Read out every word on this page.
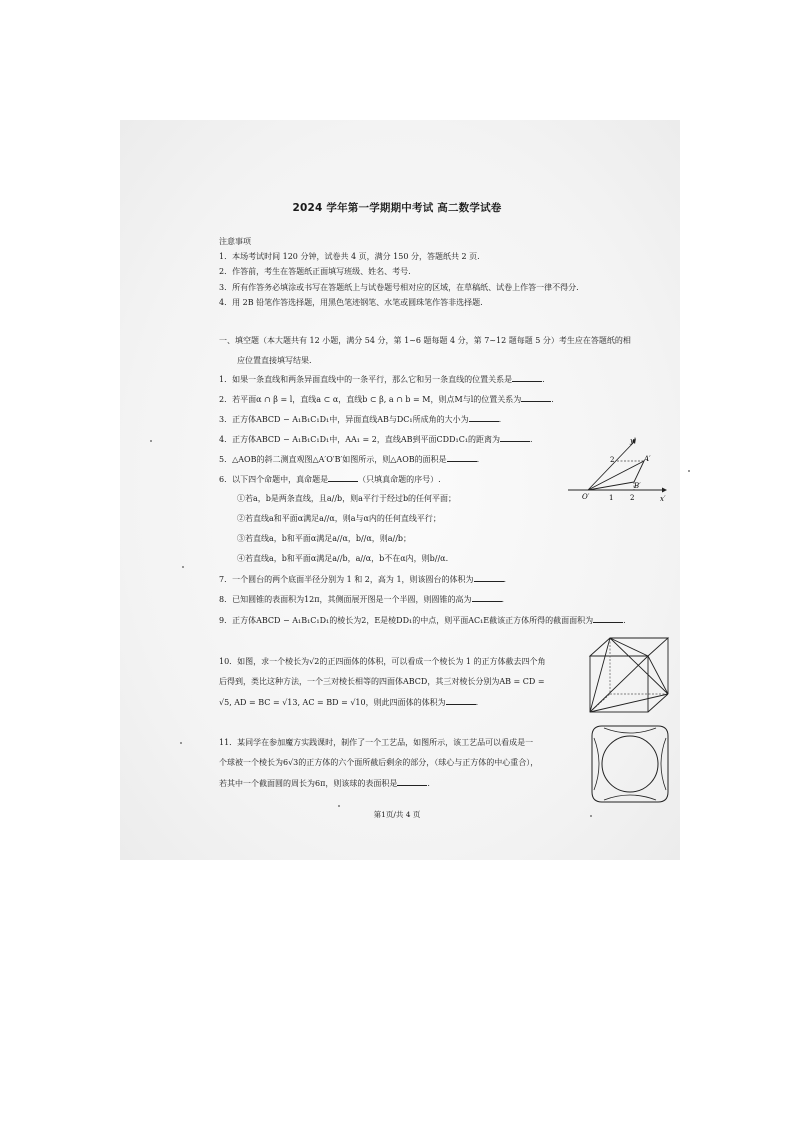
2024 学年第一学期期中考试 高二数学试卷
注意事项
1．本场考试时间 120 分钟，试卷共 4 页，满分 150 分，答题纸共 2 页.
2．作答前，考生在答题纸正面填写班级、姓名、考号.
3．所有作答务必填涂或书写在答题纸上与试卷题号相对应的区域，在草稿纸、试卷上作答一律不得分.
4．用 2B 铅笔作答选择题，用黑色笔迹钢笔、水笔或圆珠笔作答非选择题.
一、填空题（本大题共有 12 小题，满分 54 分，第 1~6 题每题 4 分，第 7~12 题每题 5 分）考生应在答题纸的相
应位置直接填写结果.
1．如果一条直线和两条异面直线中的一条平行，那么它和另一条直线的位置关系是	.
2．若平面α ∩ β = l，直线a ⊂ α，直线b ⊂ β, a ∩ b = M，则点M与l的位置关系为	.
3．正方体ABCD − A₁B₁C₁D₁中，异面直线AB与DC₁所成角的大小为	.
4．正方体ABCD − A₁B₁C₁D₁中，AA₁ = 2，直线AB到平面CDD₁C₁的距离为	.
5．△AOB的斜二测直观图△A′O′B′如图所示，则△AOB的面积是	.
6．以下四个命题中，真命题是	（只填真命题的序号）.
①若a，b是两条直线，且a//b，则a平行于经过b的任何平面；
②若直线a和平面α满足a//α，则a与α内的任何直线平行；
③若直线a，b和平面α满足a//α，b//α，则a//b；
④若直线a，b和平面α满足a//b，a//α，b不在α内，则b//α.
y′
x′
O′
A′
B′
2
1 2
7．一个圆台的两个底面半径分别为 1 和 2，高为 1，则该圆台的体积为	.
8．已知圆锥的表面积为12π，其侧面展开图是一个半圆，则圆锥的高为	.
9．正方体ABCD − A₁B₁C₁D₁的棱长为2，E是棱DD₁的中点，则平面AC₁E截该正方体所得的截面面积为	.
10．如图，求一个棱长为√2的正四面体的体积，可以看成一个棱长为 1 的正方体截去四个角
后得到，类比这种方法，一个三对棱长相等的四面体ABCD，其三对棱长分别为AB = CD =
√5, AD = BC = √13, AC = BD = √10，则此四面体的体积为	.
11．某同学在参加魔方实践课时，制作了一个工艺品，如图所示，该工艺品可以看成是一
个球被一个棱长为6√3的正方体的六个面所截后剩余的部分，（球心与正方体的中心重合），
若其中一个截面圆的周长为6π，则该球的表面积是	.
第1页/共 4 页
